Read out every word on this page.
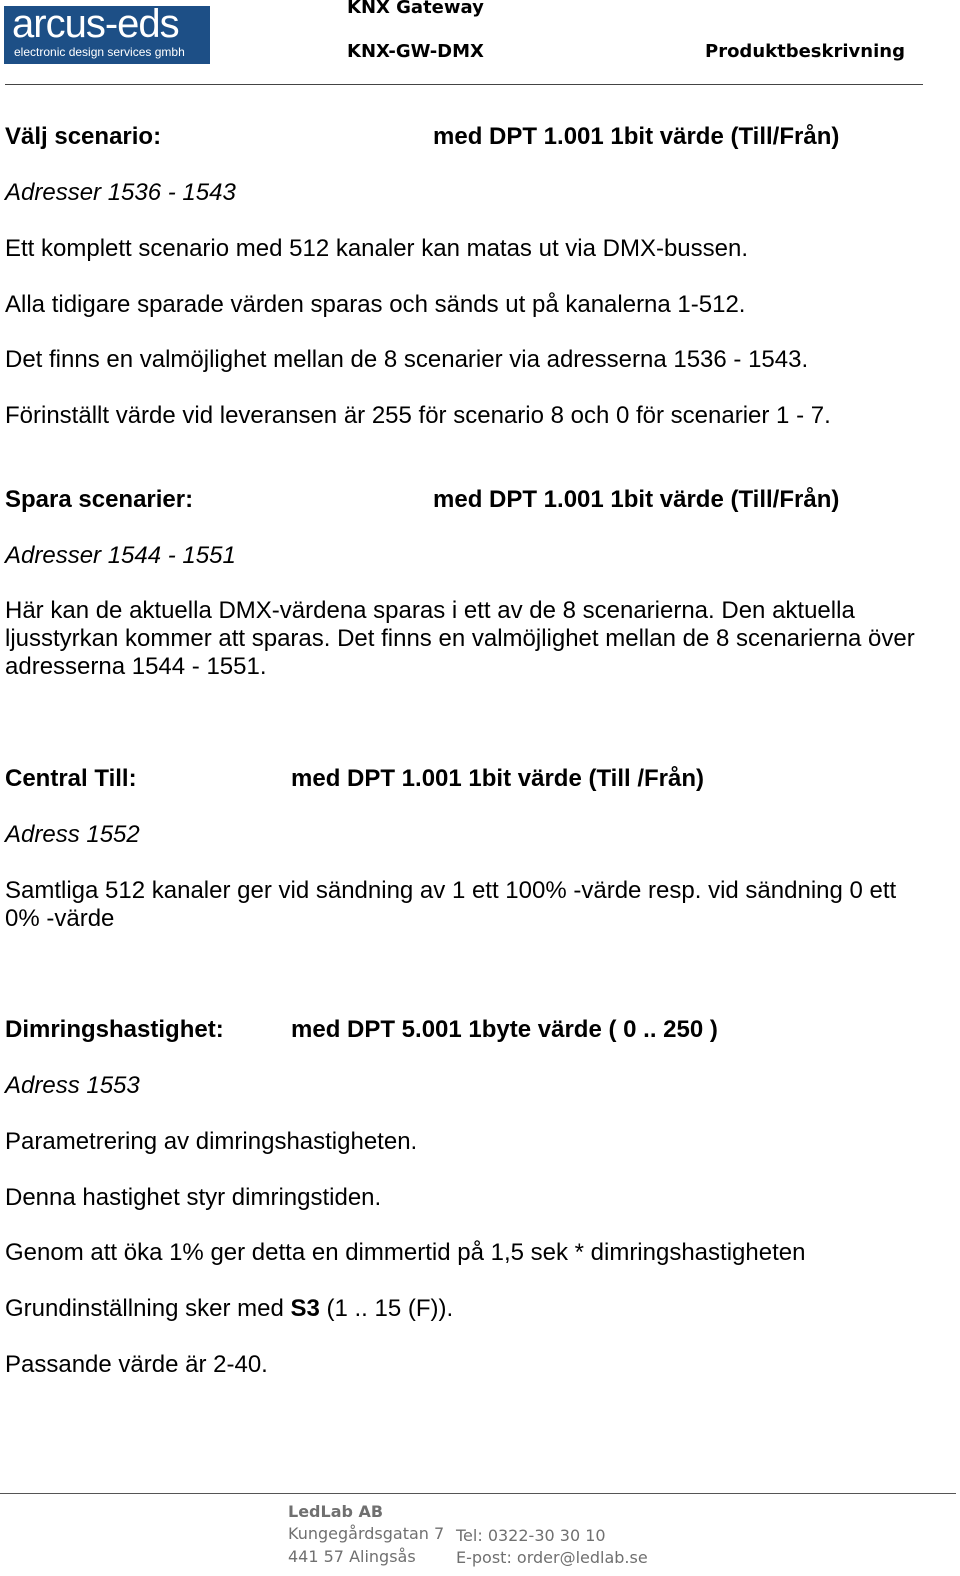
arcus-eds
electronic design services gmbh
KNX Gateway
KNX-GW-DMX	Produktbeskrivning
Välj scenario:	med DPT 1.001 1bit värde (Till/Från)
Adresser 1536 - 1543
Ett komplett scenario med 512 kanaler kan matas ut via DMX-bussen.
Alla tidigare sparade värden sparas och sänds ut på kanalerna 1-512.
Det finns en valmöjlighet mellan de 8 scenarier via adresserna 1536 - 1543.
Förinställt värde vid leveransen är 255 för scenario 8 och 0 för scenarier 1 - 7.
Spara scenarier:	med DPT 1.001 1bit värde (Till/Från)
Adresser 1544 - 1551
Här kan de aktuella DMX-värdena sparas i ett av de 8 scenarierna. Den aktuella ljusstyrkan kommer att sparas. Det finns en valmöjlighet mellan de 8 scenarierna över adresserna 1544 - 1551.
Central Till:	med DPT 1.001 1bit värde (Till /Från)
Adress 1552
Samtliga 512 kanaler ger vid sändning av 1 ett 100% -värde resp. vid sändning 0 ett 0% -värde
Dimringshastighet:	med DPT 5.001 1byte värde ( 0 .. 250 )
Adress 1553
Parametrering av dimringshastigheten.
Denna hastighet styr dimringstiden.
Genom att öka 1% ger detta en dimmertid på 1,5 sek * dimringshastigheten
Grundinställning sker med S3 (1 .. 15 (F)).
Passande värde är 2-40.
LedLab AB
Kungegårdsgatan 7
441 57 Alingsås
Tel: 0322-30 30 10
E-post: order@ledlab.se
